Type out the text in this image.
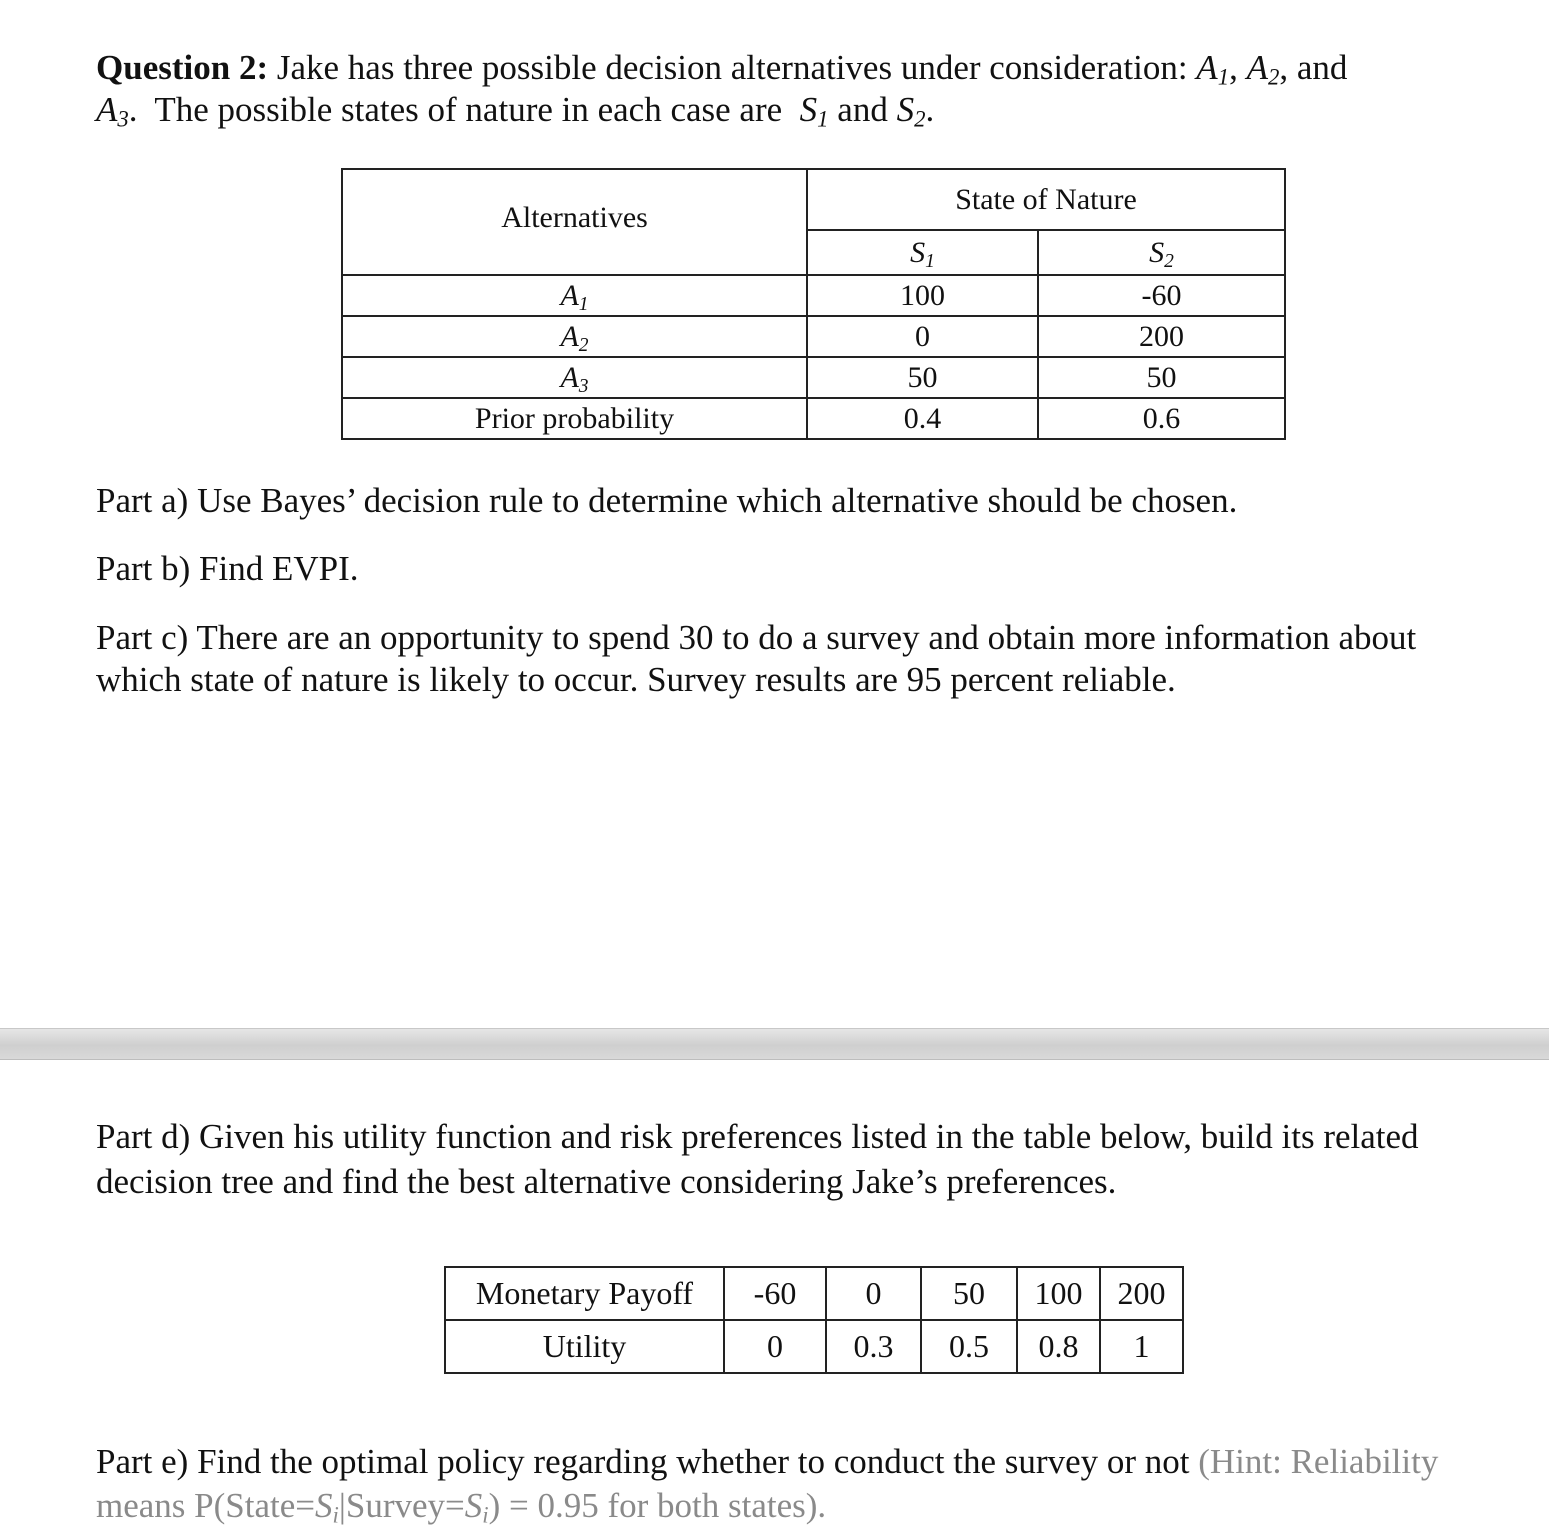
Question 2: Jake has three possible decision alternatives under consideration: $A_1$, $A_2$, and
$A_3$.  The possible states of nature in each case are  $S_1$ and $S_2$.
Alternatives	State of Nature	
	$S_1$	$S_2$
$A_1$	100	-60
$A_2$	0	200
$A_3$	50	50
Prior probability	0.4	0.6
Part a) Use Bayes’ decision rule to determine which alternative should be chosen.
Part b) Find EVPI.
Part c) There are an opportunity to spend 30 to do a survey and obtain more information about
which state of nature is likely to occur. Survey results are 95 percent reliable.
Part d) Given his utility function and risk preferences listed in the table below, build its related
decision tree and find the best alternative considering Jake’s preferences.
Monetary Payoff	-60	0	50	100	200
Utility	0	0.3	0.5	0.8	1
Part e) Find the optimal policy regarding whether to conduct the survey or not (Hint: Reliability
means $P(State=S_i|Survey=S_i) = 0.95$ for both states).
